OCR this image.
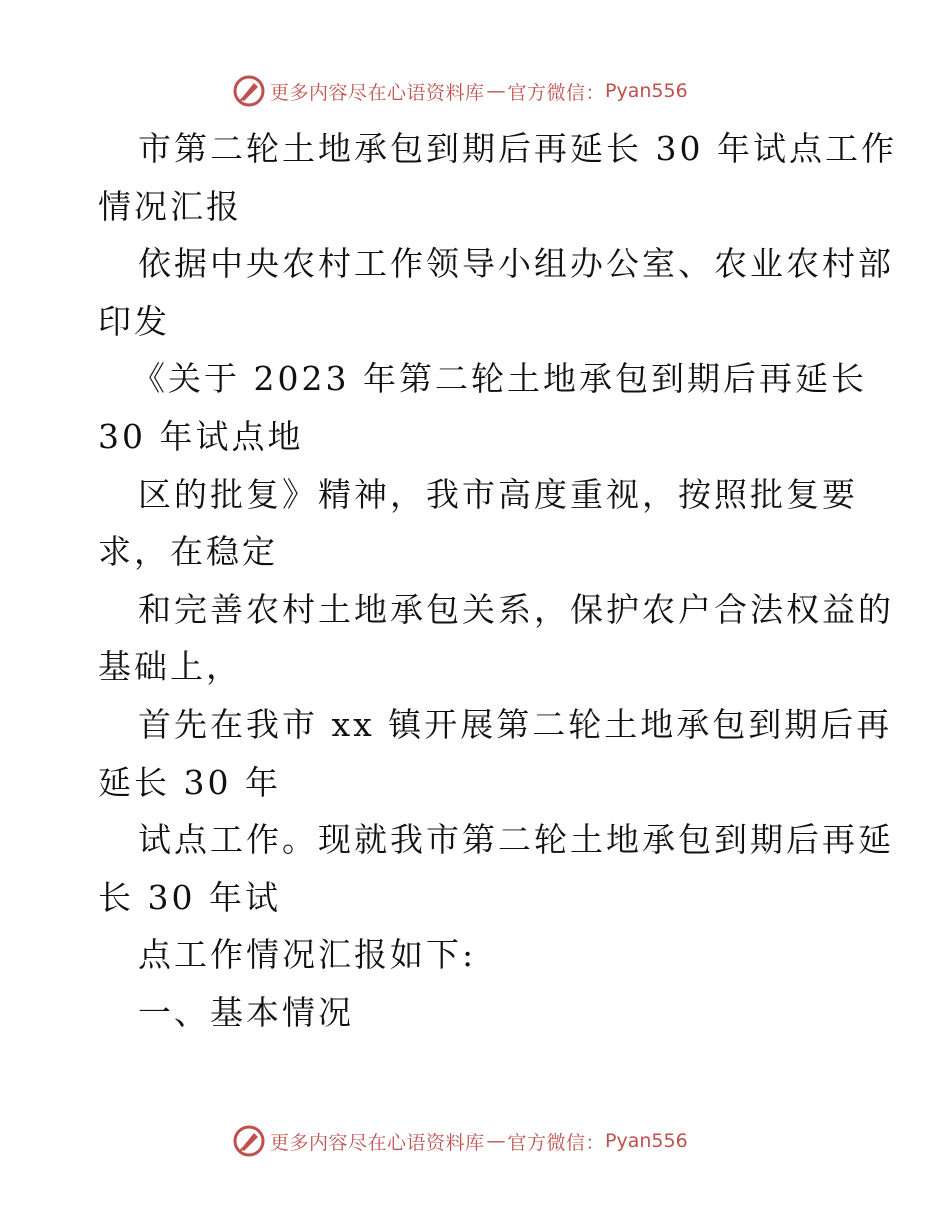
更多内容尽在心语资料库 — 官方微信： Pyan556
市第二轮土地承包到期后再延长 30 年试点工作
情况汇报
依据中央农村工作领导小组办公室、农业农村部
印发
《关于 2023 年第二轮土地承包到期后再延长
30 年试点地
区的批复》精神，我市高度重视，按照批复要
求，在稳定
和完善农村土地承包关系，保护农户合法权益的
基础上，
首先在我市 xx 镇开展第二轮土地承包到期后再
延长 30 年
试点工作。现就我市第二轮土地承包到期后再延
长 30 年试
点工作情况汇报如下:
一、基本情况
更多内容尽在心语资料库 — 官方微信： Pyan556
